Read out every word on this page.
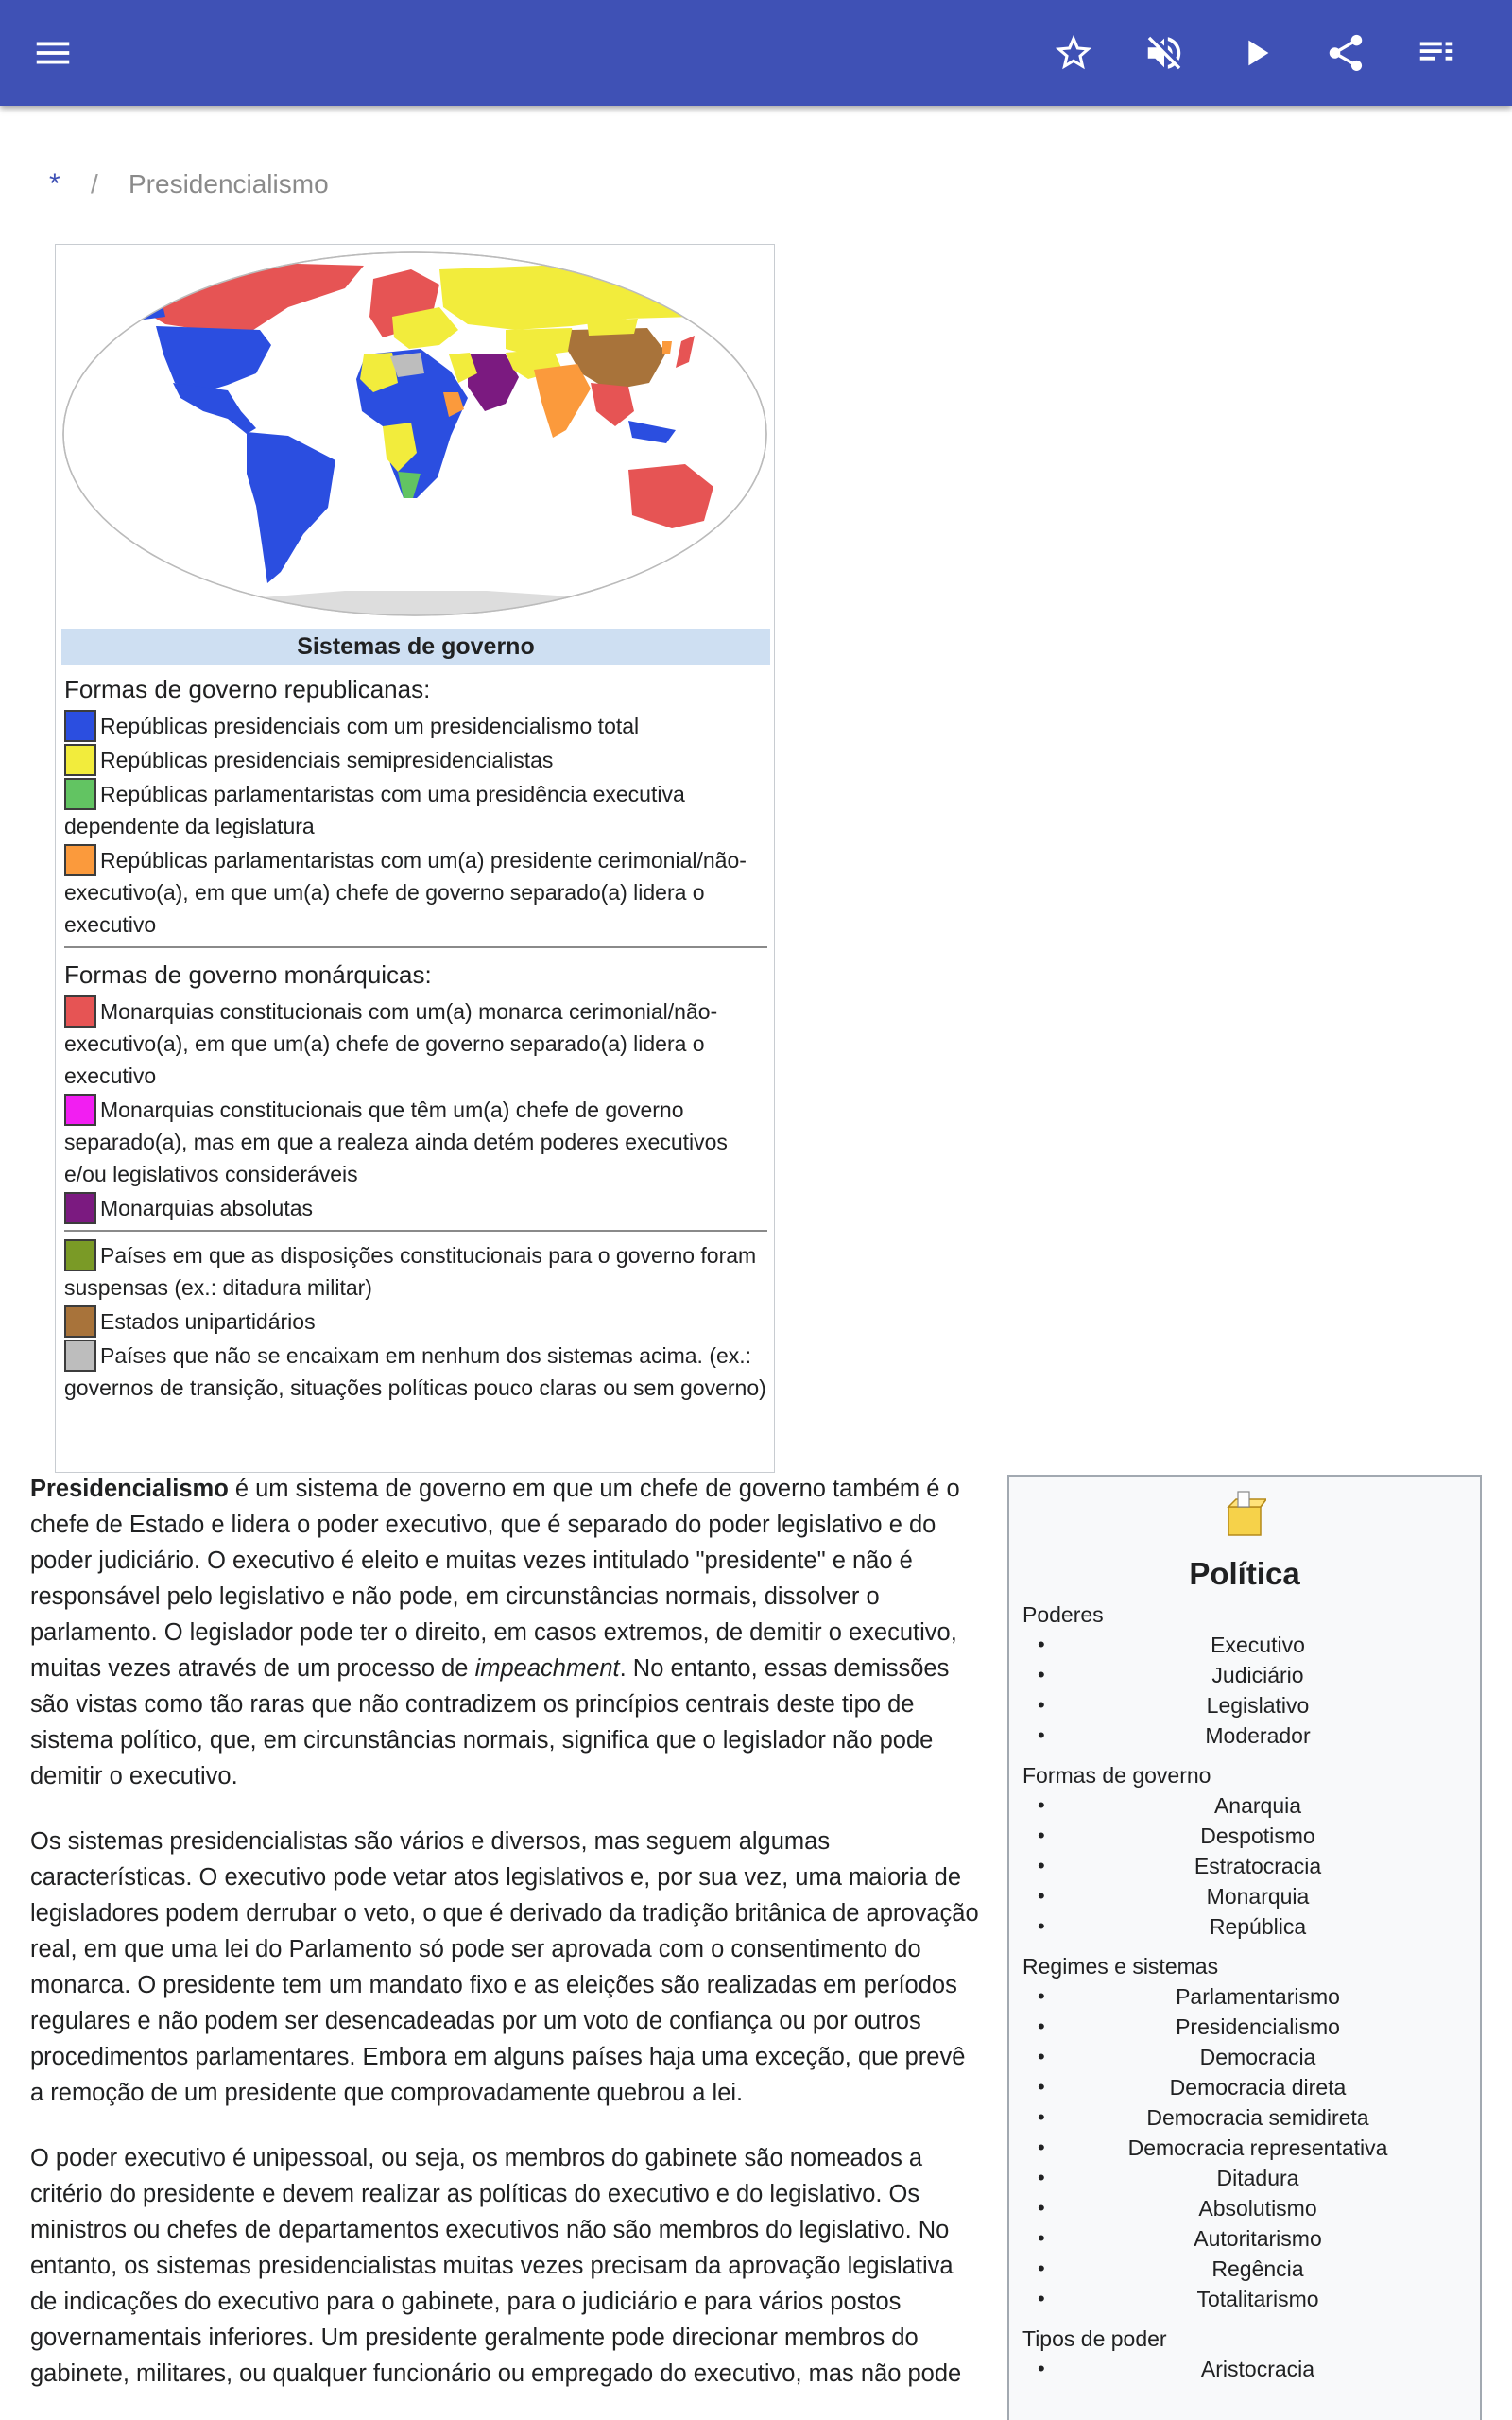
*	/	Presidencialismo
Sistemas de governo
Formas de governo republicanas:
Repúblicas presidenciais com um presidencialismo total
Repúblicas presidenciais semipresidencialistas
Repúblicas parlamentaristas com uma presidência executiva dependente da legislatura
Repúblicas parlamentaristas com um(a) presidente cerimonial/não-executivo(a), em que um(a) chefe de governo separado(a) lidera o executivo
Formas de governo monárquicas:
Monarquias constitucionais com um(a) monarca cerimonial/não-executivo(a), em que um(a) chefe de governo separado(a) lidera o executivo
Monarquias constitucionais que têm um(a) chefe de governo separado(a), mas em que a realeza ainda detém poderes executivos e/ou legislativos consideráveis
Monarquias absolutas
Países em que as disposições constitucionais para o governo foram suspensas (ex.: ditadura militar)
Estados unipartidários
Países que não se encaixam em nenhum dos sistemas acima. (ex.: governos de transição, situações políticas pouco claras ou sem governo)

Presidencialismo é um sistema de governo em que um chefe de governo também é o chefe de Estado e lidera o poder executivo, que é separado do poder legislativo e do poder judiciário. O executivo é eleito e muitas vezes intitulado "presidente" e não é responsável pelo legislativo e não pode, em circunstâncias normais, dissolver o parlamento. O legislador pode ter o direito, em casos extremos, de demitir o executivo, muitas vezes através de um processo de impeachment. No entanto, essas demissões são vistas como tão raras que não contradizem os princípios centrais deste tipo de sistema político, que, em circunstâncias normais, significa que o legislador não pode demitir o executivo.

Os sistemas presidencialistas são vários e diversos, mas seguem algumas características. O executivo pode vetar atos legislativos e, por sua vez, uma maioria de legisladores podem derrubar o veto, o que é derivado da tradição britânica de aprovação real, em que uma lei do Parlamento só pode ser aprovada com o consentimento do monarca. O presidente tem um mandato fixo e as eleições são realizadas em períodos regulares e não podem ser desencadeadas por um voto de confiança ou por outros procedimentos parlamentares. Embora em alguns países haja uma exceção, que prevê a remoção de um presidente que comprovadamente quebrou a lei.

O poder executivo é unipessoal, ou seja, os membros do gabinete são nomeados a critério do presidente e devem realizar as políticas do executivo e do legislativo. Os ministros ou chefes de departamentos executivos não são membros do legislativo. No entanto, os sistemas presidencialistas muitas vezes precisam da aprovação legislativa de indicações do executivo para o gabinete, para o judiciário e para vários postos governamentais inferiores. Um presidente geralmente pode direcionar membros do gabinete, militares, ou qualquer funcionário ou empregado do executivo, mas não pode

Política
Poderes
• Executivo
• Judiciário
• Legislativo
• Moderador
Formas de governo
• Anarquia
• Despotismo
• Estratocracia
• Monarquia
• República
Regimes e sistemas
• Parlamentarismo
• Presidencialismo
• Democracia
• Democracia direta
• Democracia semidireta
• Democracia representativa
• Ditadura
• Absolutismo
• Autoritarismo
• Regência
• Totalitarismo
Tipos de poder
• Aristocracia
